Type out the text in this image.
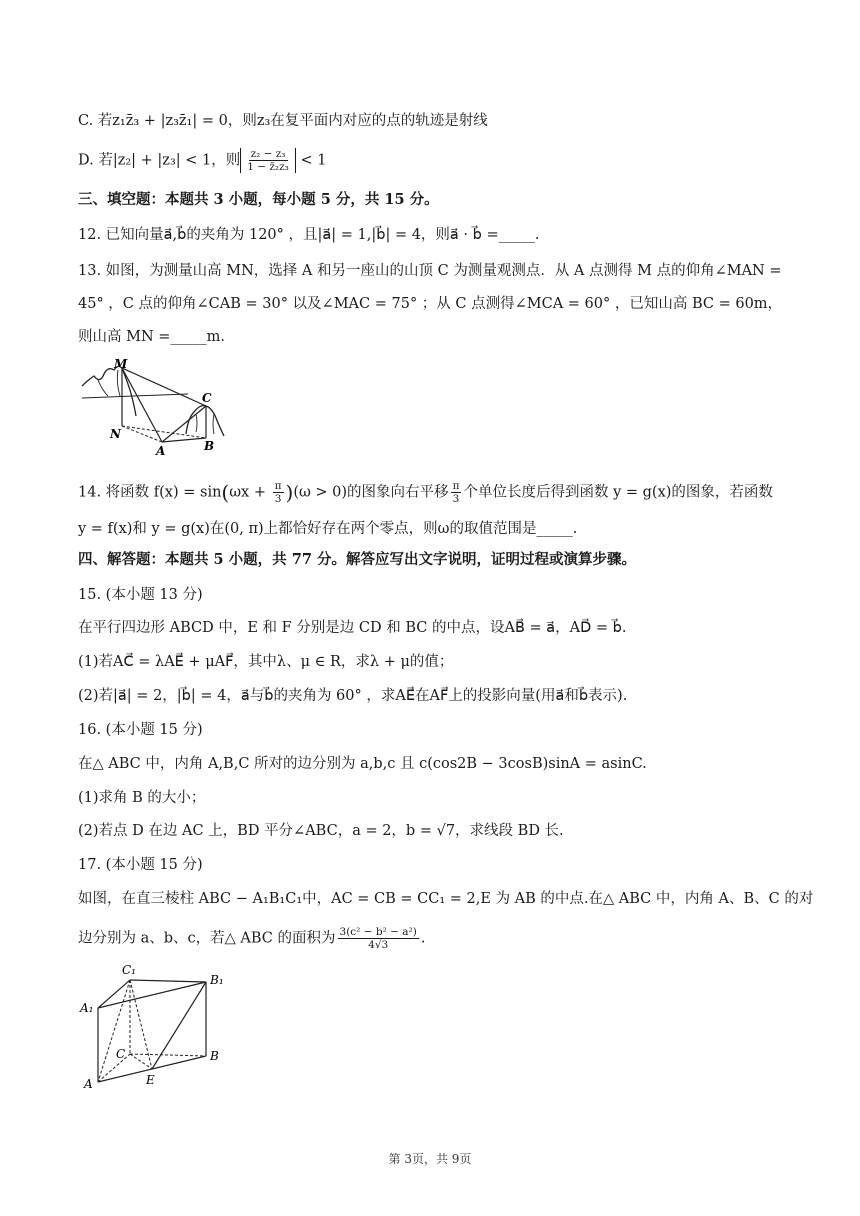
C. 若z₁z̄₃ + |z₃z̄₁| = 0，则z₃在复平面内对应的点的轨迹是射线
D. 若|z₂| + |z₃| < 1，则 $\frac{\text{z₂ − z₃}}{\text{1 − z̄₂z₃}} < 1$
三、填空题：本题共 3 小题，每小题 5 分，共 15 分。
12. 已知向量a⃗,b⃗的夹角为 120° ，且|a⃗| = 1,|b⃗| = 4，则a⃗ · b⃗ =_____.
13. 如图，为测量山高 MN，选择 A 和另一座山的山顶 C 为测量观测点．从 A 点测得 M 点的仰角∠MAN =
45° ，C 点的仰角∠CAB = 30° 以及∠MAC = 75° ；从 C 点测得∠MCA = 60° ，已知山高 BC = 60m，
则山高 MN =_____m.
M
C
N
A	B
14. 将函数 $f(x) = \sin(\omega x + \frac{\pi}{3} )(\omega > 0)$的图象向右平移 $\frac{\pi}{3}$ 个单位长度后得到函数 y = g(x)的图象，若函数
y = f(x)和 y = g(x)在(0, π)上都恰好存在两个零点，则ω的取值范围是_____.
四、解答题：本题共 5 小题，共 77 分。解答应写出文字说明，证明过程或演算步骤。
15. (本小题 13 分)
在平行四边形 ABCD 中，E 和 F 分别是边 CD 和 BC 的中点，设AB⃗ = a⃗，AD⃗ = b⃗.
(1)若AC⃗ = λAE⃗ + μAF⃗，其中λ、μ ∈ R，求λ + μ的值；
(2)若|a⃗| = 2，|b⃗| = 4，a⃗与b⃗的夹角为 60° ，求AE⃗在AF⃗上的投影向量(用a⃗和b⃗表示).
16. (本小题 15 分)
在△ ABC 中，内角 A,B,C 所对的边分别为 a,b,c 且 c(cos2B − 3cosB)sinA = asinC.
(1)求角 B 的大小；
(2)若点 D 在边 AC 上，BD 平分∠ABC，a = 2，b = √7，求线段 BD 长.
17. (本小题 15 分)
如图，在直三棱柱 ABC − A₁B₁C₁中，AC = CB = CC₁ = 2,E 为 AB 的中点.在△ ABC 中，内角 A、B、C 的对
边分别为 a、b、c，若△ ABC 的面积为 $\frac{\text{3(c² − b² − a²)}}{4√3}$ .
C₁
B₁
A₁
C	B
A	E
第 3页，共 9页
